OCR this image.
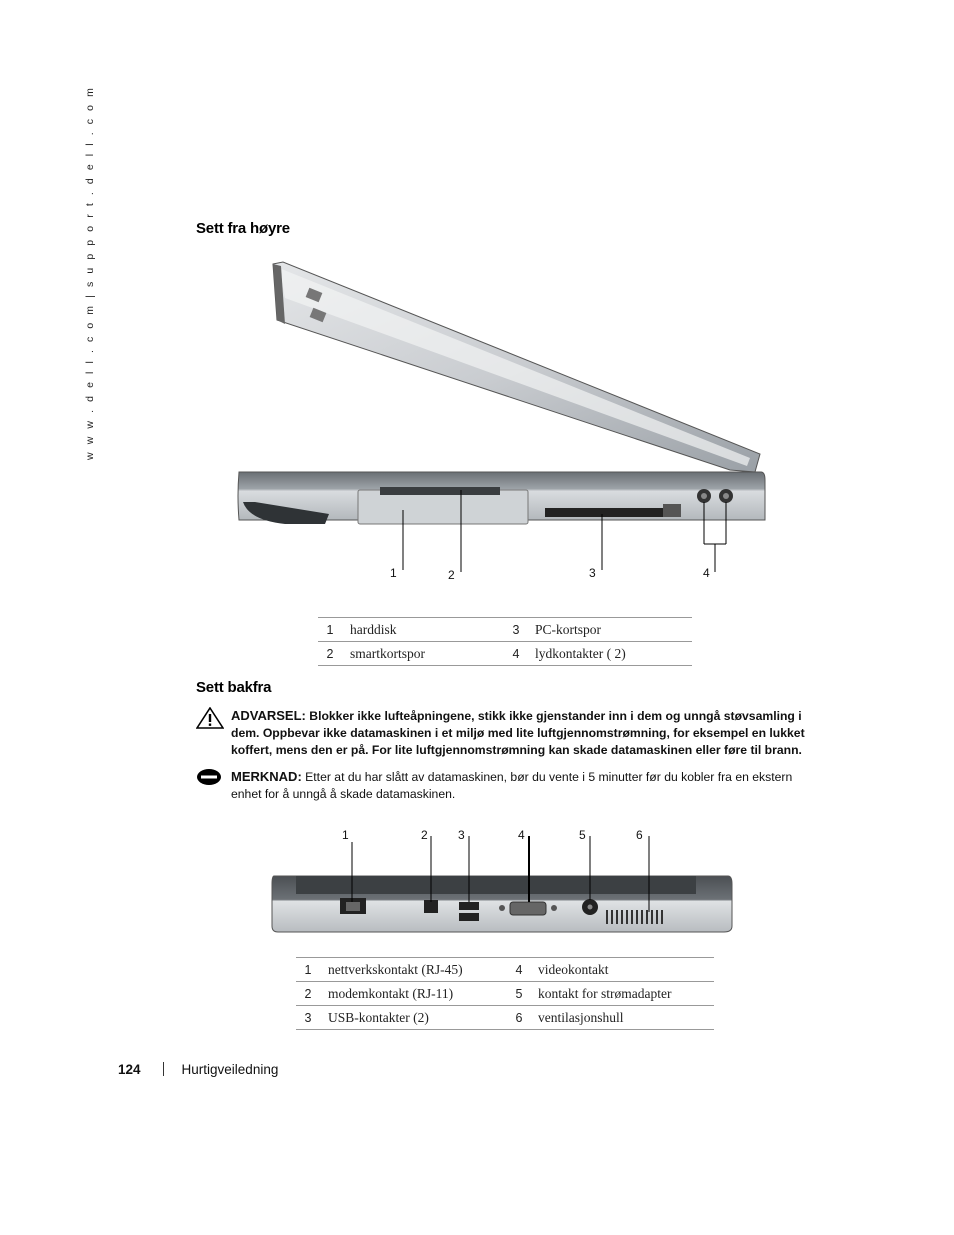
w w w . d e l l . c o m | s u p p o r t . d e l l . c o m	Sett fra høyre
1	2	3	4
1	harddisk	3	PC-kortspor
2	smartkortspor	4	lydkontakter ( 2)
Sett bakfra
ADVARSEL: Blokker ikke lufteåpningene, stikk ikke gjenstander inn i dem og unngå støvsamling i dem. Oppbevar ikke datamaskinen i et miljø med lite luftgjennomstrømning, for eksempel en lukket koffert, mens den er på. For lite luftgjennomstrømning kan skade datamaskinen eller føre til brann.
MERKNAD: Etter at du har slått av datamaskinen, bør du vente i 5 minutter før du kobler fra en ekstern enhet for å unngå å skade datamaskinen.
1	2	3	4	5	6
1	nettverkskontakt (RJ-45)	4	videokontakt
2	modemkontakt (RJ-11)	5	kontakt for strømadapter
3	USB-kontakter (2)	6	ventilasjonshull
124	Hurtigveiledning
